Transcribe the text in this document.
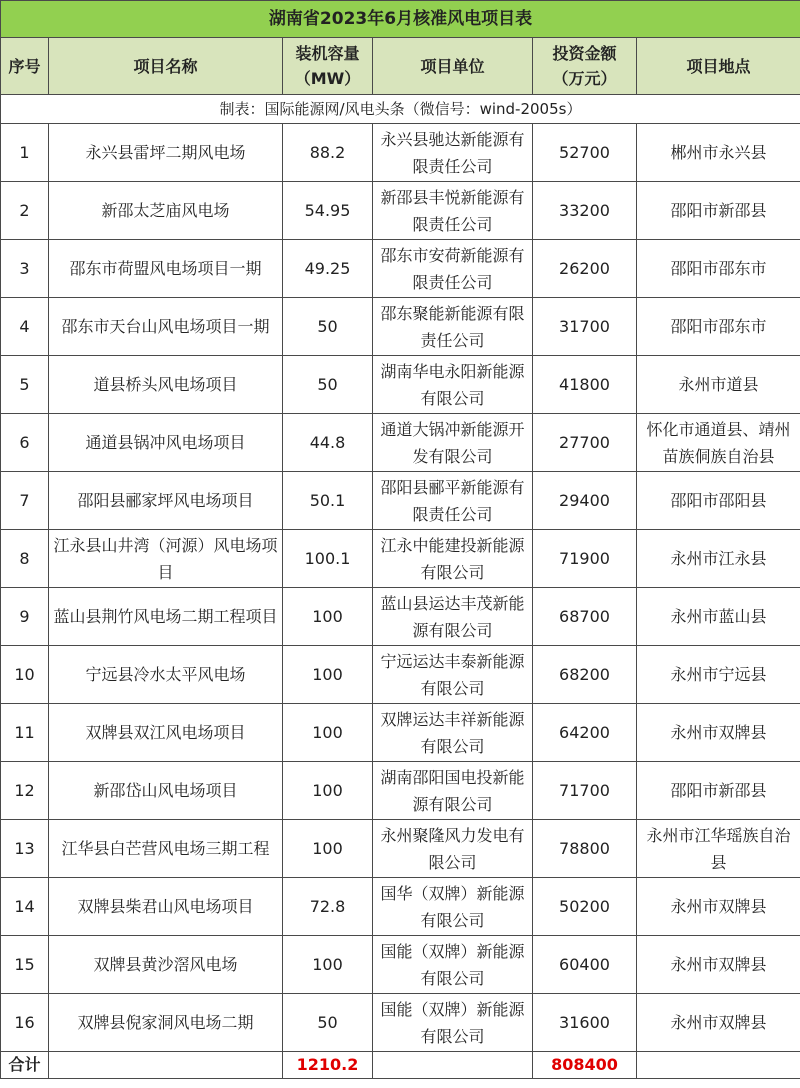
湖南省2023年6月核准风电项目表					
序号	项目名称	装机容量（MW）	项目单位	投资金额（万元）	项目地点
制表：国际能源网/风电头条（微信号：wind-2005s）					
1	永兴县雷坪二期风电场	88.2	永兴县驰达新能源有限责任公司	52700	郴州市永兴县
2	新邵太芝庙风电场	54.95	新邵县丰悦新能源有限责任公司	33200	邵阳市新邵县
3	邵东市荷盟风电场项目一期	49.25	邵东市安荷新能源有限责任公司	26200	邵阳市邵东市
4	邵东市天台山风电场项目一期	50	邵东聚能新能源有限责任公司	31700	邵阳市邵东市
5	道县桥头风电场项目	50	湖南华电永阳新能源有限公司	41800	永州市道县
6	通道县锅冲风电场项目	44.8	通道大锅冲新能源开发有限公司	27700	怀化市通道县、靖州苗族侗族自治县
7	邵阳县郦家坪风电场项目	50.1	邵阳县郦平新能源有限责任公司	29400	邵阳市邵阳县
8	江永县山井湾（河源）风电场项目	100.1	江永中能建投新能源有限公司	71900	永州市江永县
9	蓝山县荆竹风电场二期工程项目	100	蓝山县运达丰茂新能源有限公司	68700	永州市蓝山县
10	宁远县冷水太平风电场	100	宁远运达丰泰新能源有限公司	68200	永州市宁远县
11	双牌县双江风电场项目	100	双牌运达丰祥新能源有限公司	64200	永州市双牌县
12	新邵岱山风电场项目	100	湖南邵阳国电投新能源有限公司	71700	邵阳市新邵县
13	江华县白芒营风电场三期工程	100	永州聚隆风力发电有限公司	78800	永州市江华瑶族自治县
14	双牌县柴君山风电场项目	72.8	国华（双牌）新能源有限公司	50200	永州市双牌县
15	双牌县黄沙滘风电场	100	国能（双牌）新能源有限公司	60400	永州市双牌县
16	双牌县倪家洞风电场二期	50	国能（双牌）新能源有限公司	31600	永州市双牌县
合计		1210.2		808400	
